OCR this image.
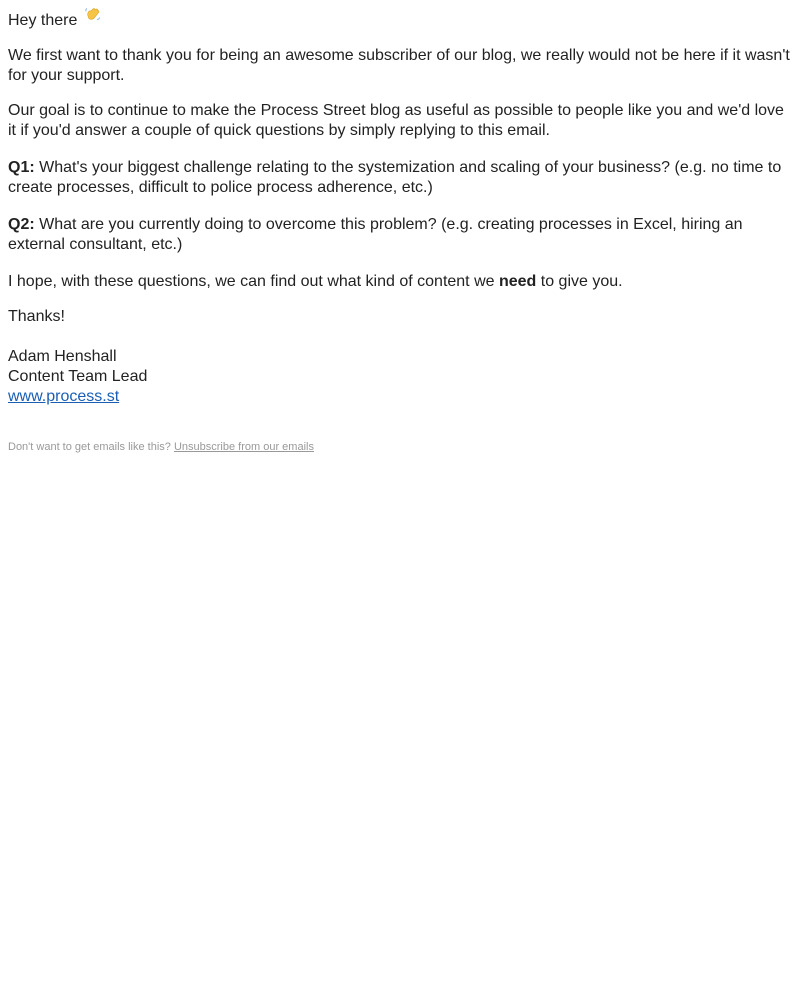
Hey there

We first want to thank you for being an awesome subscriber of our blog, we really would not be here if it wasn't for your support.

Our goal is to continue to make the Process Street blog as useful as possible to people like you and we'd love it if you'd answer a couple of quick questions by simply replying to this email.

Q1: What's your biggest challenge relating to the systemization and scaling of your business? (e.g. no time to create processes, difficult to police process adherence, etc.)

Q2: What are you currently doing to overcome this problem? (e.g. creating processes in Excel, hiring an external consultant, etc.)

I hope, with these questions, we can find out what kind of content we need to give you.

Thanks!

Adam Henshall
Content Team Lead
www.process.st
Don't want to get emails like this? Unsubscribe from our emails
